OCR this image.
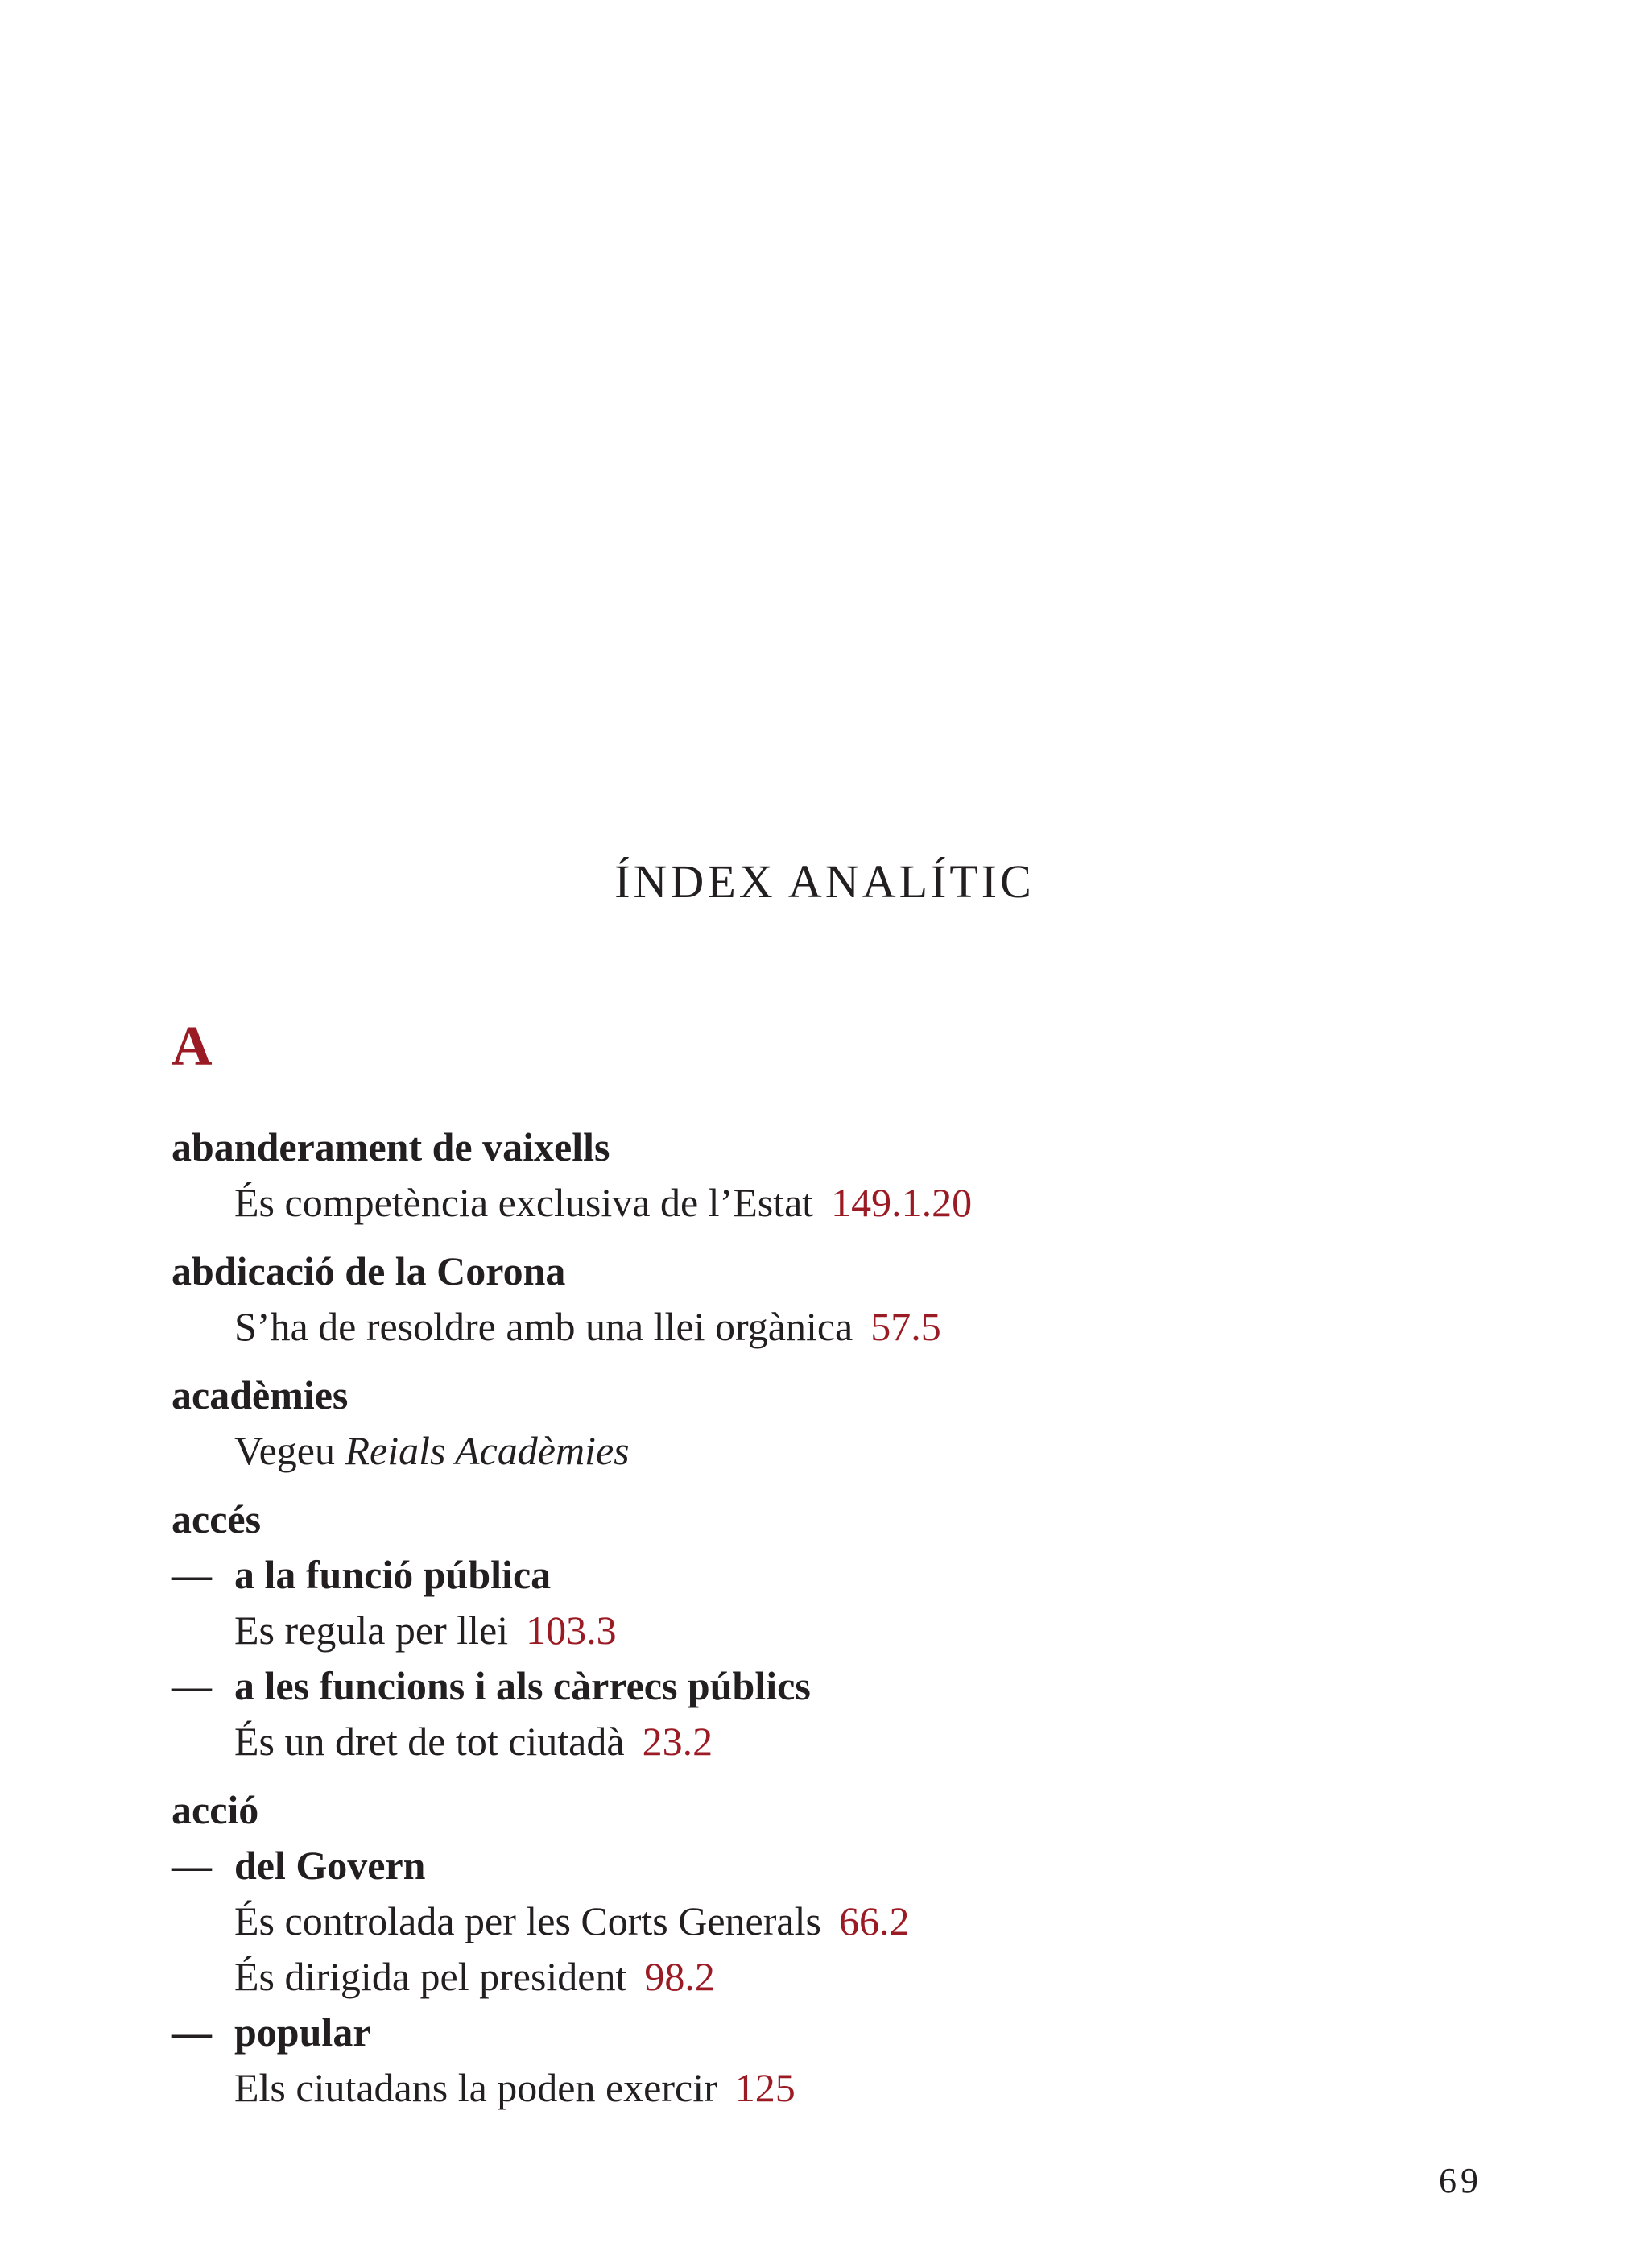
ÍNDEX ANALÍTIC
A
abanderament de vaixells
És competència exclusiva de l’Estat 149.1.20
abdicació de la Corona
S’ha de resoldre amb una llei orgànica 57.5
acadèmies
Vegeu Reials Acadèmies
accés
— a la funció pública
Es regula per llei 103.3
— a les funcions i als càrrecs públics
És un dret de tot ciutadà 23.2
acció
— del Govern
És controlada per les Corts Generals 66.2
És dirigida pel president 98.2
— popular
Els ciutadans la poden exercir 125
69
